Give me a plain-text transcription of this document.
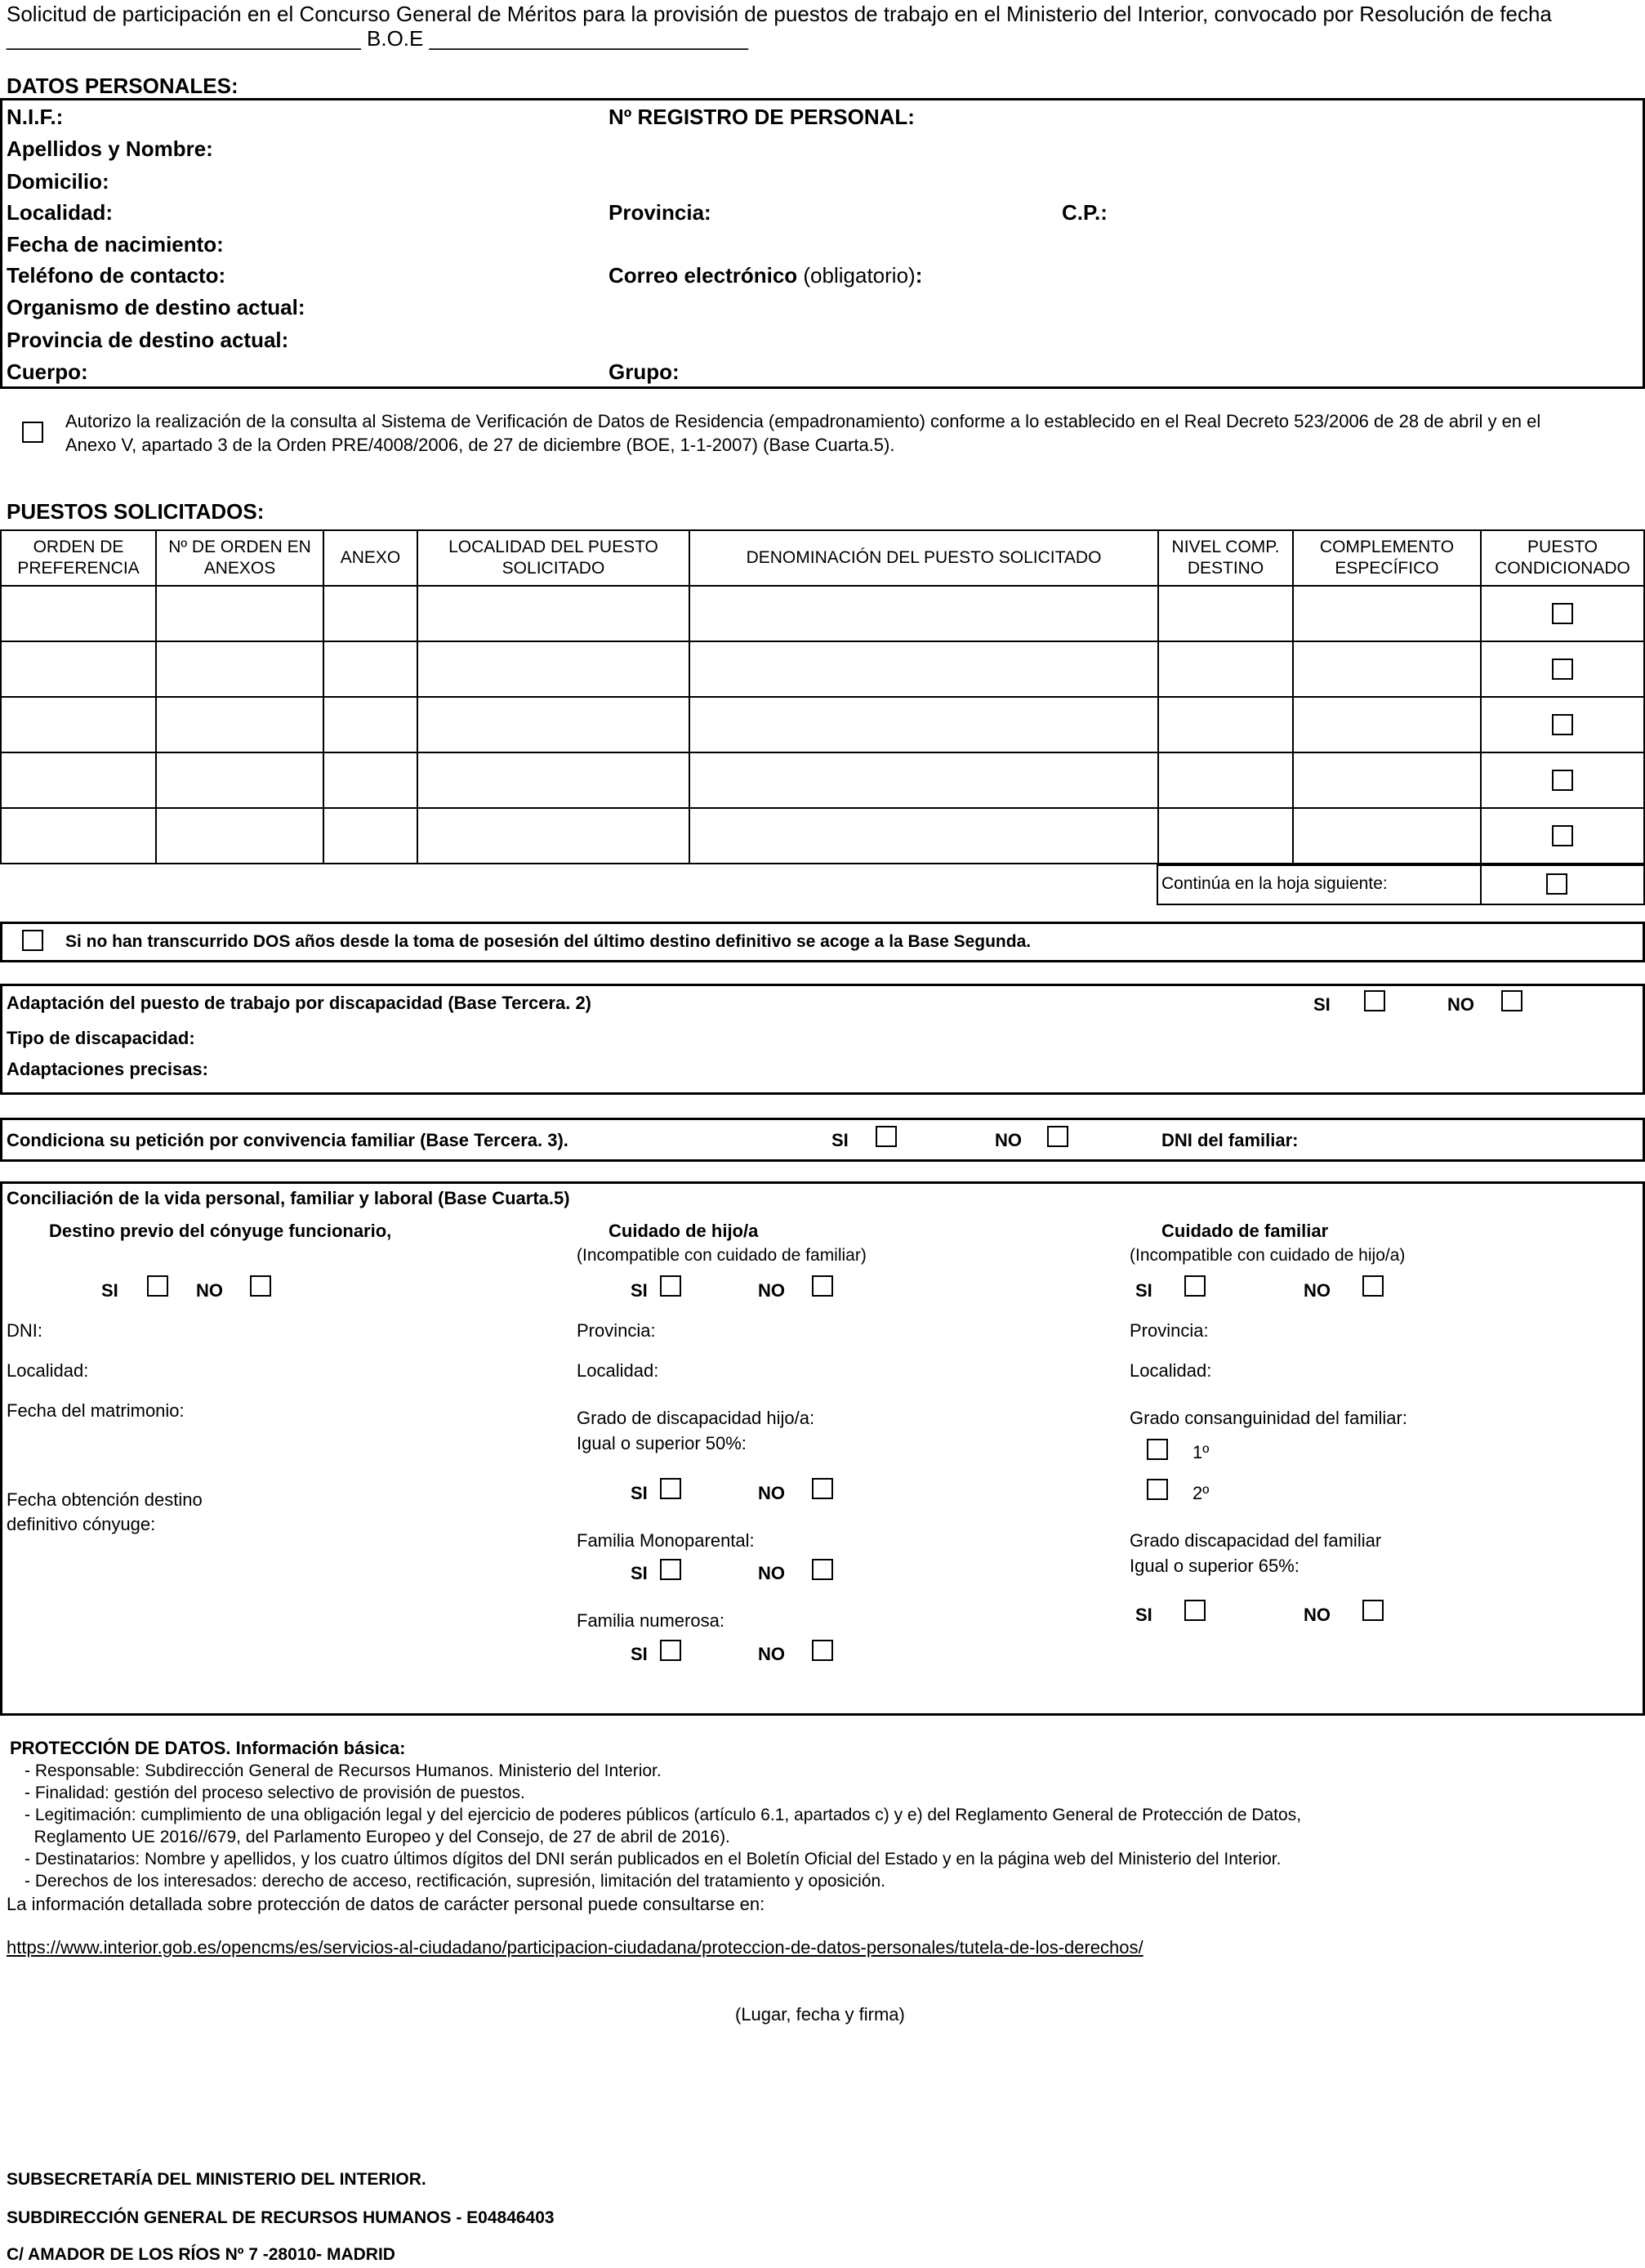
Solicitud de participación en el Concurso General de Méritos para la provisión de puestos de trabajo en el Ministerio del Interior, convocado por Resolución de fecha
______________________________ B.O.E ___________________________
DATOS PERSONALES:
N.I.F.:	Nº REGISTRO DE PERSONAL:
Apellidos y Nombre:
Domicilio:
Localidad:	Provincia:	C.P.:
Fecha de nacimiento:
Teléfono de contacto:	Correo electrónico (obligatorio):
Organismo de destino actual:
Provincia de destino actual:
Cuerpo:	Grupo:
Autorizo la realización de la consulta al Sistema de Verificación de Datos de Residencia (empadronamiento) conforme a lo establecido en el Real Decreto 523/2006 de 28 de abril y en el
Anexo V, apartado 3 de la Orden PRE/4008/2006, de 27 de diciembre (BOE, 1-1-2007) (Base Cuarta.5).
PUESTOS SOLICITADOS:
ORDEN DE PREFERENCIA	Nº DE ORDEN EN ANEXOS	ANEXO	LOCALIDAD DEL PUESTO SOLICITADO	DENOMINACIÓN DEL PUESTO SOLICITADO	NIVEL COMP. DESTINO	COMPLEMENTO ESPECÍFICO	PUESTO CONDICIONADO

Continúa en la hoja siguiente:
Si no han transcurrido DOS años desde la toma de posesión del último destino definitivo se acoge a la Base Segunda.
Adaptación del puesto de trabajo por discapacidad (Base Tercera. 2)	SI	NO
Tipo de discapacidad:
Adaptaciones precisas:
Condiciona su petición por convivencia familiar (Base Tercera. 3).	SI	NO	DNI del familiar:
Conciliación de la vida personal, familiar y laboral (Base Cuarta.5)
Destino previo del cónyuge funcionario,
SI	NO
DNI:
Localidad:
Fecha del matrimonio:
Fecha obtención destino
definitivo cónyuge:
Cuidado de hijo/a
(Incompatible con cuidado de familiar)
SI	NO
Provincia:
Localidad:
Grado de discapacidad hijo/a:
Igual o superior 50%:
SI	NO
Familia Monoparental:
SI	NO
Familia numerosa:
SI	NO
Cuidado de familiar
(Incompatible con cuidado de hijo/a)
SI	NO
Provincia:
Localidad:
Grado consanguinidad del familiar:
1º
2º
Grado discapacidad del familiar
Igual o superior 65%:
SI	NO
PROTECCIÓN DE DATOS. Información básica:
- Responsable: Subdirección General de Recursos Humanos. Ministerio del Interior.
- Finalidad: gestión del proceso selectivo de provisión de puestos.
- Legitimación: cumplimiento de una obligación legal y del ejercicio de poderes públicos (artículo 6.1, apartados c) y e) del Reglamento General de Protección de Datos,
Reglamento UE 2016//679, del Parlamento Europeo y del Consejo, de 27 de abril de 2016).
- Destinatarios: Nombre y apellidos, y los cuatro últimos dígitos del DNI serán publicados en el Boletín Oficial del Estado y en la página web del Ministerio del Interior.
- Derechos de los interesados: derecho de acceso, rectificación, supresión, limitación del tratamiento y oposición.
La información detallada sobre protección de datos de carácter personal puede consultarse en:
https://www.interior.gob.es/opencms/es/servicios-al-ciudadano/participacion-ciudadana/proteccion-de-datos-personales/tutela-de-los-derechos/
(Lugar, fecha y firma)
SUBSECRETARÍA DEL MINISTERIO DEL INTERIOR.
SUBDIRECCIÓN GENERAL DE RECURSOS HUMANOS - E04846403
C/ AMADOR DE LOS RÍOS Nº 7 -28010- MADRID
